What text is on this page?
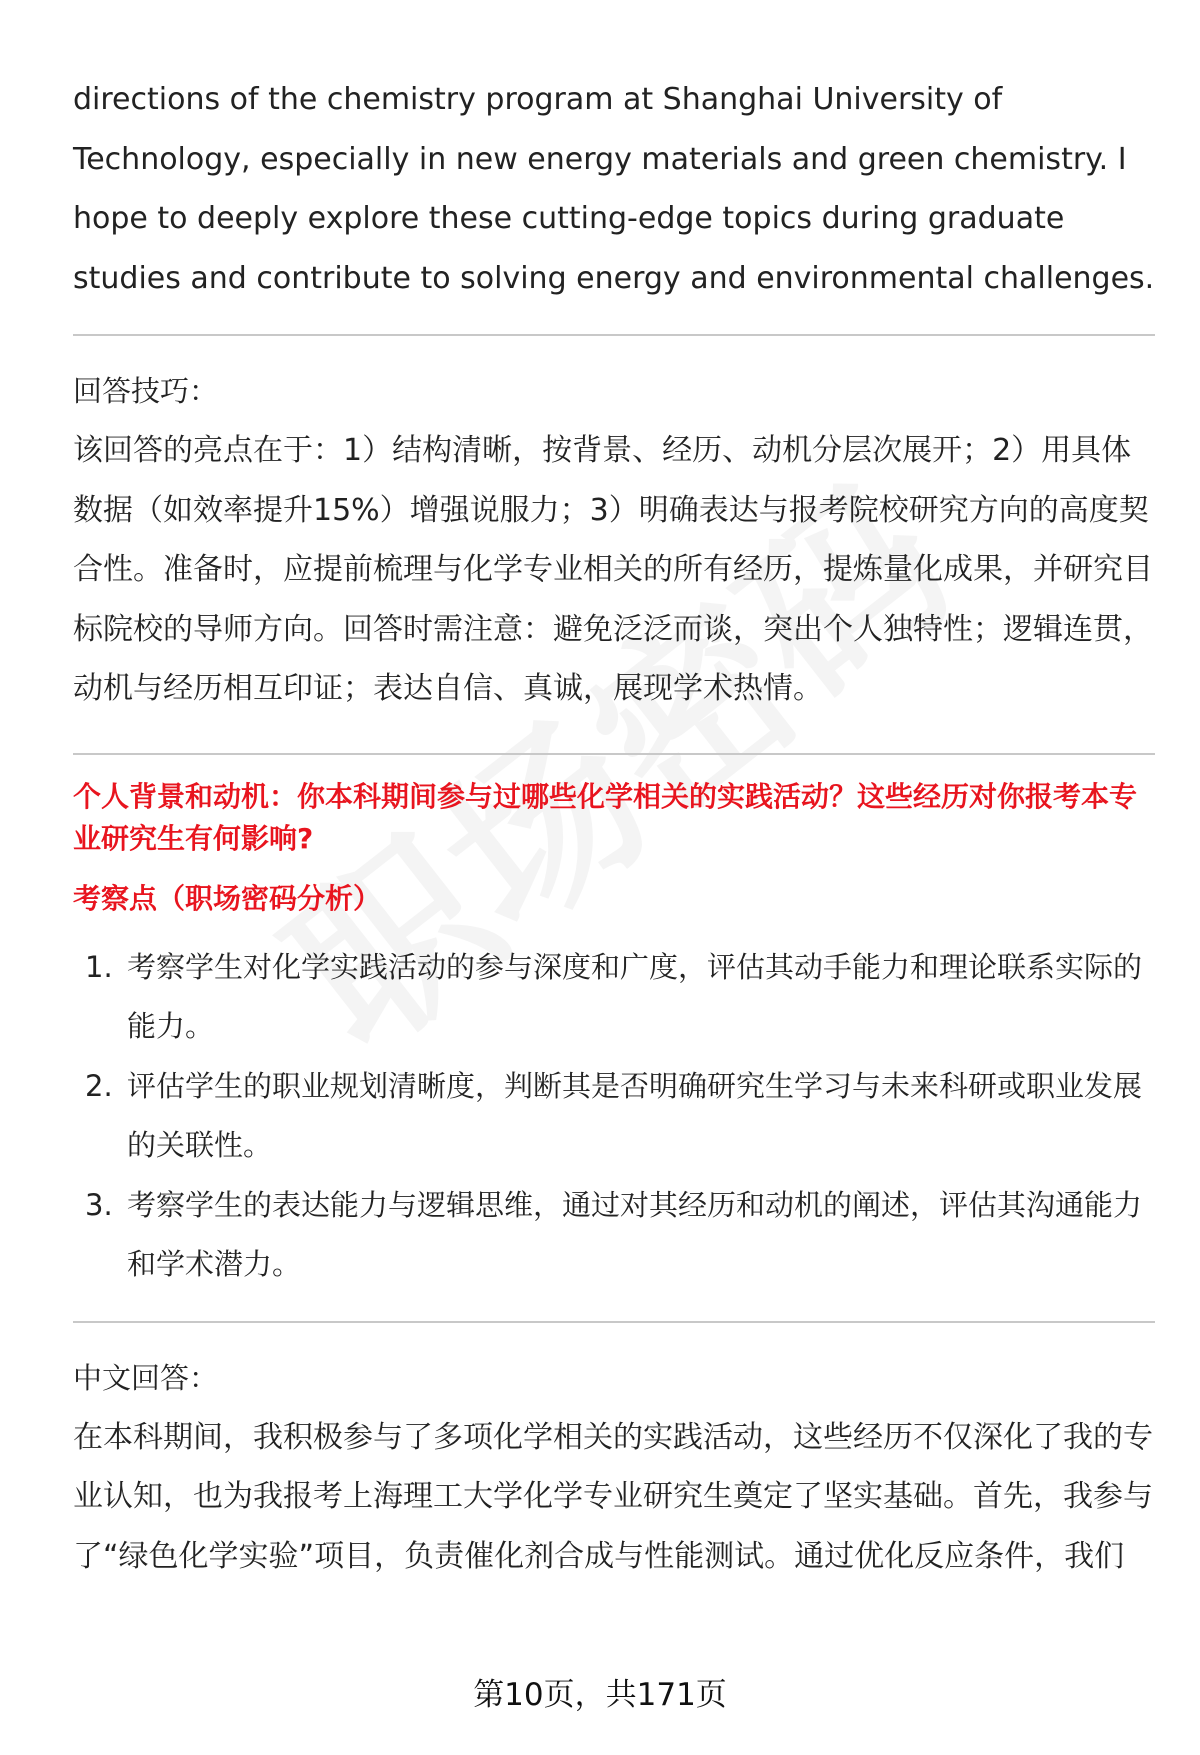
directions of the chemistry program at Shanghai University of Technology, especially in new energy materials and green chemistry. I hope to deeply explore these cutting-edge topics during graduate studies and contribute to solving energy and environmental challenges.

回答技巧：

该回答的亮点在于：1）结构清晰，按背景、经历、动机分层次展开；2）用具体数据（如效率提升15%）增强说服力；3）明确表达与报考院校研究方向的高度契合性。准备时，应提前梳理与化学专业相关的所有经历，提炼量化成果，并研究目标院校的导师方向。回答时需注意：避免泛泛而谈，突出个人独特性；逻辑连贯，动机与经历相互印证；表达自信、真诚，展现学术热情。

个人背景和动机：你本科期间参与过哪些化学相关的实践活动？这些经历对你报考本专业研究生有何影响?

考察点（职场密码分析）

1. 考察学生对化学实践活动的参与深度和广度，评估其动手能力和理论联系实际的能力。
2. 评估学生的职业规划清晰度，判断其是否明确研究生学习与未来科研或职业发展的关联性。
3. 考察学生的表达能力与逻辑思维，通过对其经历和动机的阐述，评估其沟通能力和学术潜力。

中文回答：

在本科期间，我积极参与了多项化学相关的实践活动，这些经历不仅深化了我的专业认知，也为我报考上海理工大学化学专业研究生奠定了坚实基础。首先，我参与了“绿色化学实验”项目，负责催化剂合成与性能测试。通过优化反应条件，我们

第10页，共171页
